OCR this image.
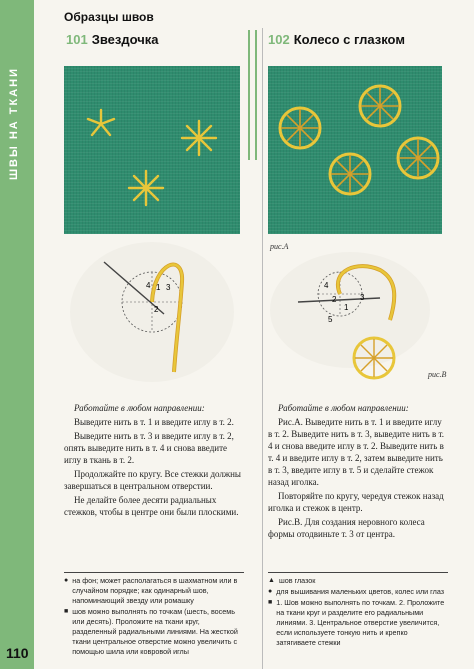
ШВЫ НА ТКАНИ
110
Образцы швов
101 Звездочка
4 1 3
2

Работайте в любом направлении:

Выведите нить в т. 1 и введите иглу в т. 2.

Выведите нить в т. 3 и введите иглу в т. 2, опять выведите нить в т. 4 и снова введите иглу в ткань в т. 2.

Продолжайте по кругу. Все стежки должны завершаться в центральном отверстии.

Не делайте более десяти радиальных стежков, чтобы в центре они были плоскими.

● на фон; может располагаться в шахматном или в случайном порядке; как одинарный шов, напоминающий звезду или ромашку
■ шов можно выполнять по точкам (шесть, восемь или десять). Проложите на ткани круг, разделенный радиальными линиями. На жесткой ткани центральное отверстие можно увеличить с помощью шила или ковровой иглы
102 Колесо с глазком
рис.А
4
2
5
3
1
рис.В

Работайте в любом направлении:

Рис.А. Выведите нить в т. 1 и введите иглу в т. 2. Выведите нить в т. 3, выведите нить в т. 4 и снова введите иглу в т. 2. Выведите нить в т. 4 и введите иглу в т. 2, затем выведите нить в т. 3, введите иглу в т. 5 и сделайте стежок назад иголка.

Повторяйте по кругу, чередуя стежок назад иголка и стежок в центр.

Рис.В. Для создания неровного колеса формы отодвиньте т. 3 от центра.

▲ шов глазок
● для вышивания маленьких цветов, колес или глаз
■ 1. Шов можно выполнять по точкам. 2. Проложите на ткани круг и разделите его радиальными линиями. 3. Центральное отверстие увеличится, если используете тонкую нить и крепко затягиваете стежки
